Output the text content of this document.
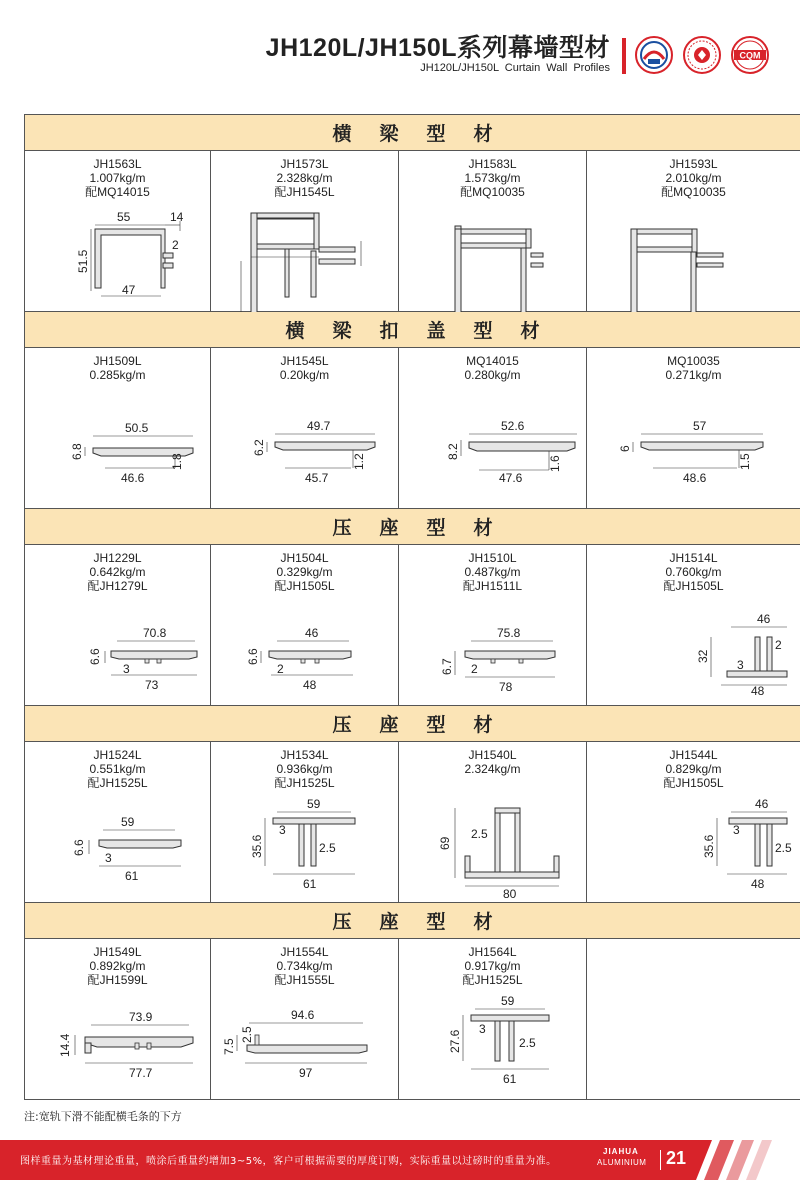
JH120L/JH150L系列幕墙型材
JH120L/JH150L Curtain Wall Profiles
CQM
横梁型材
JH1563L
1.007kg/m
配MQ14015
55	14
2
51.5
47
JH1573L
2.328kg/m
配JH1545L
JH1583L
1.573kg/m
配MQ10035
JH1593L
2.010kg/m
配MQ10035
横梁扣盖型材
JH1509L
0.285kg/m
50.5
6.8
1.8
46.6
JH1545L
0.20kg/m
49.7
6.2
1.2
45.7
MQ14015
0.280kg/m
52.6
8.2
1.6
47.6
MQ10035
0.271kg/m
57
6
1.5
48.6
压座型材
JH1229L
0.642kg/m
配JH1279L
70.8
6.6
3
73
JH1504L
0.329kg/m
配JH1505L
46
6.6
2
48
JH1510L
0.487kg/m
配JH1511L
75.8
6.7 2
78
JH1514L
0.760kg/m
配JH1505L
46
2
32
3
48
压座型材
JH1524L
0.551kg/m
配JH1525L
59
6.6
3
61
JH1534L
0.936kg/m
配JH1525L
59
3
35.6	2.5
61
JH1540L
2.324kg/m
2.5
69
80
JH1544L
0.829kg/m
配JH1505L
46
3
35.6	2.5
48
压座型材
JH1549L
0.892kg/m
配JH1599L
73.9
14.4
77.7
JH1554L
0.734kg/m
配JH1555L
94.6
7.5
2.5
97
JH1564L
0.917kg/m
配JH1525L
59
3
27.6	2.5
61
注:宽轨下滑不能配横毛条的下方
图样重量为基材理论重量，喷涂后重量约增加3~5%，客户可根据需要的厚度订购，实际重量以过磅时的重量为准。
JIAHUA
ALUMINIUM 21
